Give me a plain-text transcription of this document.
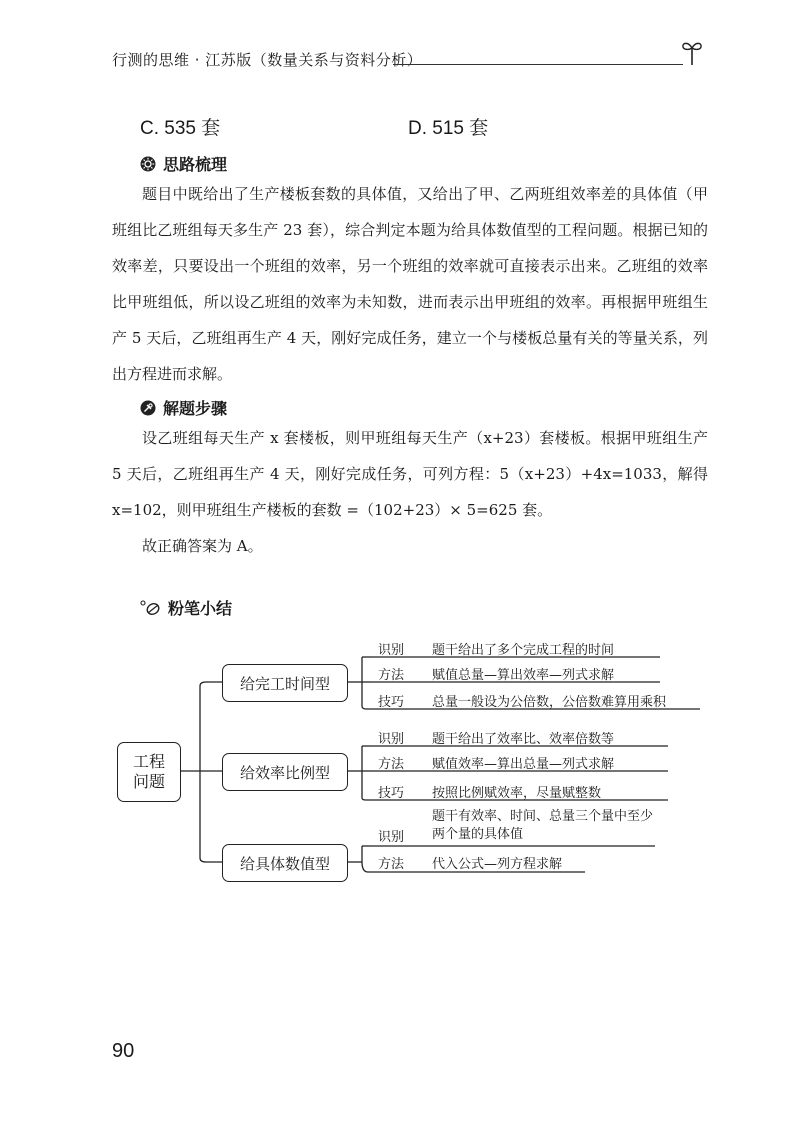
行测的思维 · 江苏版（数量关系与资料分析）
C. 535 套	D. 515 套
思路梳理

题目中既给出了生产楼板套数的具体值，又给出了甲、乙两班组效率差的具体值（甲班组比乙班组每天多生产 23 套），综合判定本题为给具体数值型的工程问题。根据已知的效率差，只要设出一个班组的效率，另一个班组的效率就可直接表示出来。乙班组的效率比甲班组低，所以设乙班组的效率为未知数，进而表示出甲班组的效率。再根据甲班组生产 5 天后，乙班组再生产 4 天，刚好完成任务，建立一个与楼板总量有关的等量关系，列出方程进而求解。

解题步骤

设乙班组每天生产 x 套楼板，则甲班组每天生产（x+23）套楼板。根据甲班组生产 5 天后，乙班组再生产 4 天，刚好完成任务，可列方程：5（x+23）+4x=1033，解得 x=102，则甲班组生产楼板的套数 =（102+23）× 5=625 套。

故正确答案为 A。

粉笔小结
工程
问题
给完工时间型
识别 题干给出了多个完成工程的时间
方法 赋值总量—算出效率—列式求解
技巧 总量一般设为公倍数，公倍数难算用乘积
给效率比例型
识别 题干给出了效率比、效率倍数等
方法 赋值效率—算出总量—列式求解
技巧 按照比例赋效率，尽量赋整数
给具体数值型
识别
题干有效率、时间、总量三个量中至少两个量的具体值
方法 代入公式—列方程求解
90
